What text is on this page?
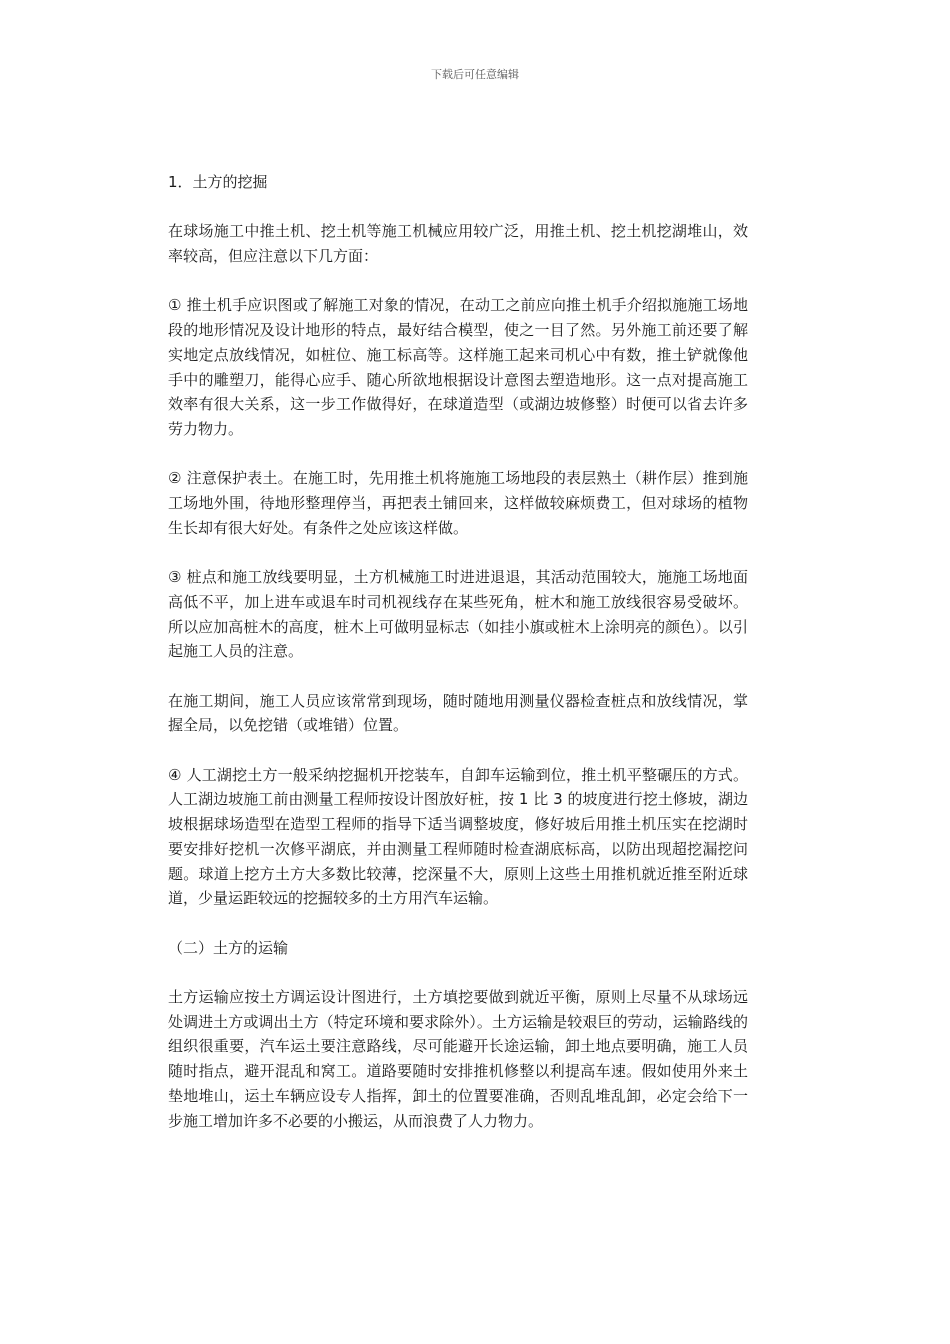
下载后可任意编辑

1．土方的挖掘

在球场施工中推土机、挖土机等施工机械应用较广泛，用推土机、挖土机挖湖堆山，效率较高，但应注意以下几方面：

① 推土机手应识图或了解施工对象的情况，在动工之前应向推土机手介绍拟施施工场地段的地形情况及设计地形的特点，最好结合模型，使之一目了然。另外施工前还要了解实地定点放线情况，如桩位、施工标高等。这样施工起来司机心中有数，推土铲就像他手中的雕塑刀，能得心应手、随心所欲地根据设计意图去塑造地形。这一点对提高施工效率有很大关系，这一步工作做得好，在球道造型（或湖边坡修整）时便可以省去许多劳力物力。

② 注意保护表土。在施工时，先用推土机将施施工场地段的表层熟土（耕作层）推到施工场地外围，待地形整理停当，再把表土铺回来，这样做较麻烦费工，但对球场的植物生长却有很大好处。有条件之处应该这样做。

③ 桩点和施工放线要明显，土方机械施工时进进退退，其活动范围较大，施施工场地面高低不平，加上进车或退车时司机视线存在某些死角，桩木和施工放线很容易受破坏。所以应加高桩木的高度，桩木上可做明显标志（如挂小旗或桩木上涂明亮的颜色）。以引起施工人员的注意。

在施工期间，施工人员应该常常到现场，随时随地用测量仪器检查桩点和放线情况，掌握全局，以免挖错（或堆错）位置。

④ 人工湖挖土方一般采纳挖掘机开挖装车，自卸车运输到位，推土机平整碾压的方式。人工湖边坡施工前由测量工程师按设计图放好桩，按 1 比 3 的坡度进行挖土修坡，湖边坡根据球场造型在造型工程师的指导下适当调整坡度，修好坡后用推土机压实在挖湖时要安排好挖机一次修平湖底，并由测量工程师随时检查湖底标高，以防出现超挖漏挖问题。球道上挖方土方大多数比较薄，挖深量不大，原则上这些土用推机就近推至附近球道，少量运距较远的挖掘较多的土方用汽车运输。

（二）土方的运输

土方运输应按土方调运设计图进行，土方填挖要做到就近平衡，原则上尽量不从球场远处调进土方或调出土方（特定环境和要求除外）。土方运输是较艰巨的劳动，运输路线的组织很重要，汽车运土要注意路线，尽可能避开长途运输，卸土地点要明确，施工人员随时指点，避开混乱和窝工。道路要随时安排推机修整以利提高车速。假如使用外来土垫地堆山，运土车辆应设专人指挥，卸土的位置要准确，否则乱堆乱卸，必定会给下一步施工增加许多不必要的小搬运，从而浪费了人力物力。
